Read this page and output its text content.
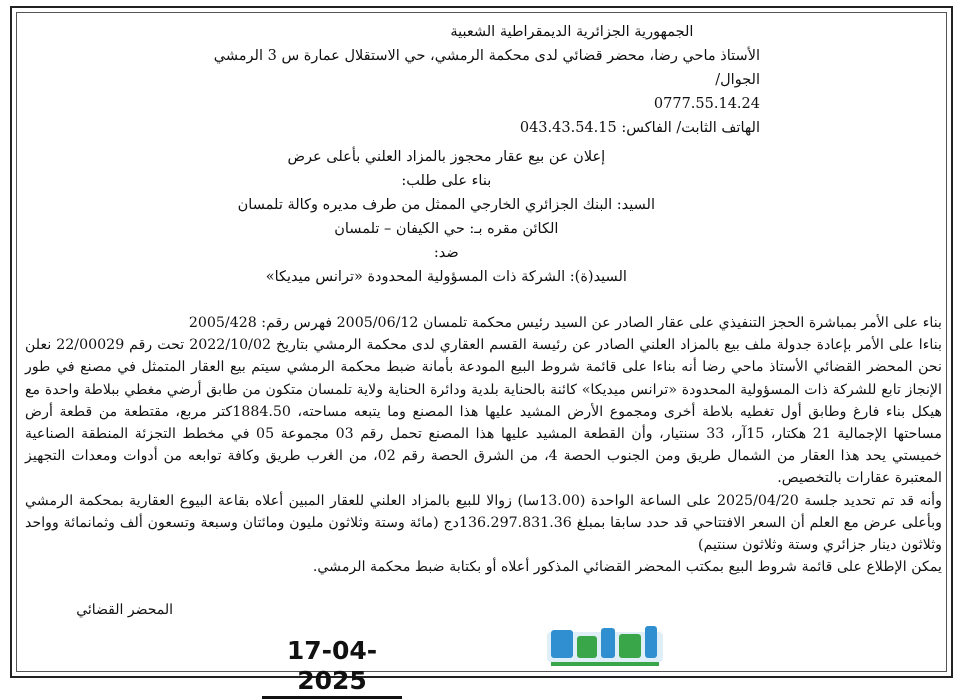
الجمهورية الجزائرية الديمقراطية الشعبية
الأستاذ ماحي رضا، محضر قضائي لدى محكمة الرمشي، حي الاستقلال عمارة س 3 الرمشي
الجوال/
0777.55.14.24
الهاتف الثابت/ الفاكس: 043.43.54.15
إعلان عن بيع عقار محجوز بالمزاد العلني بأعلى عرض
بناء على طلب:
السيد: البنك الجزائري الخارجي الممثل من طرف مديره وكالة تلمسان
الكائن مقره بـ: حي الكيفان – تلمسان
ضد:
السيد(ة): الشركة ذات المسؤولية المحدودة «ترانس ميديكا»

بناء على الأمر بمباشرة الحجز التنفيذي على عقار الصادر عن السيد رئيس محكمة تلمسان 2005/06/12 فهرس رقم: 2005/428

بناءا على الأمر بإعادة جدولة ملف بيع بالمزاد العلني الصادر عن رئيسة القسم العقاري لدى محكمة الرمشي بتاريخ 2022/10/02 تحت رقم 22/00029 نعلن نحن المحضر القضائي الأستاذ ماحي رضا أنه بناءا على قائمة شروط البيع المودعة بأمانة ضبط محكمة الرمشي سيتم بيع العقار المتمثل في مصنع في طور الإنجاز تابع للشركة ذات المسؤولية المحدودة «ترانس ميديكا» كائنة بالحناية بلدية ودائرة الحناية ولاية تلمسان متكون من طابق أرضي مغطي ببلاطة واحدة مع هيكل بناء فارغ وطابق أول تغطيه بلاطة أخرى ومجموع الأرض المشيد عليها هذا المصنع وما يتبعه مساحته، 1884.50كتر مربع، مقتطعة من قطعة أرض مساحتها الإجمالية 21 هكتار، 15آر، 33 سنتيار، وأن القطعة المشيد عليها هذا المصنع تحمل رقم 03 مجموعة 05 في مخطط التجزئة المنطقة الصناعية خميستي يحد هذا العقار من الشمال طريق ومن الجنوب الحصة 4، من الشرق الحصة رقم 02، من الغرب طريق وكافة توابعه من أدوات ومعدات التجهيز المعتبرة عقارات بالتخصيص.

وأنه قد تم تحديد جلسة 2025/04/20 على الساعة الواحدة (13.00سا) زوالا للبيع بالمزاد العلني للعقار المبين أعلاه بقاعة البيوع العقارية بمحكمة الرمشي وبأعلى عرض مع العلم أن السعر الافتتاحي قد حدد سابقا بمبلغ 136.297.831.36دج (مائة وستة وثلاثون مليون ومائتان وسبعة وتسعون ألف وثمانمائة وواحد وثلاثون دينار جزائري وستة وثلاثون سنتيم)

يمكن الإطلاع على قائمة شروط البيع بمكتب المحضر القضائي المذكور أعلاه أو بكتابة ضبط محكمة الرمشي.

المحضر القضائي
17-04-2025
